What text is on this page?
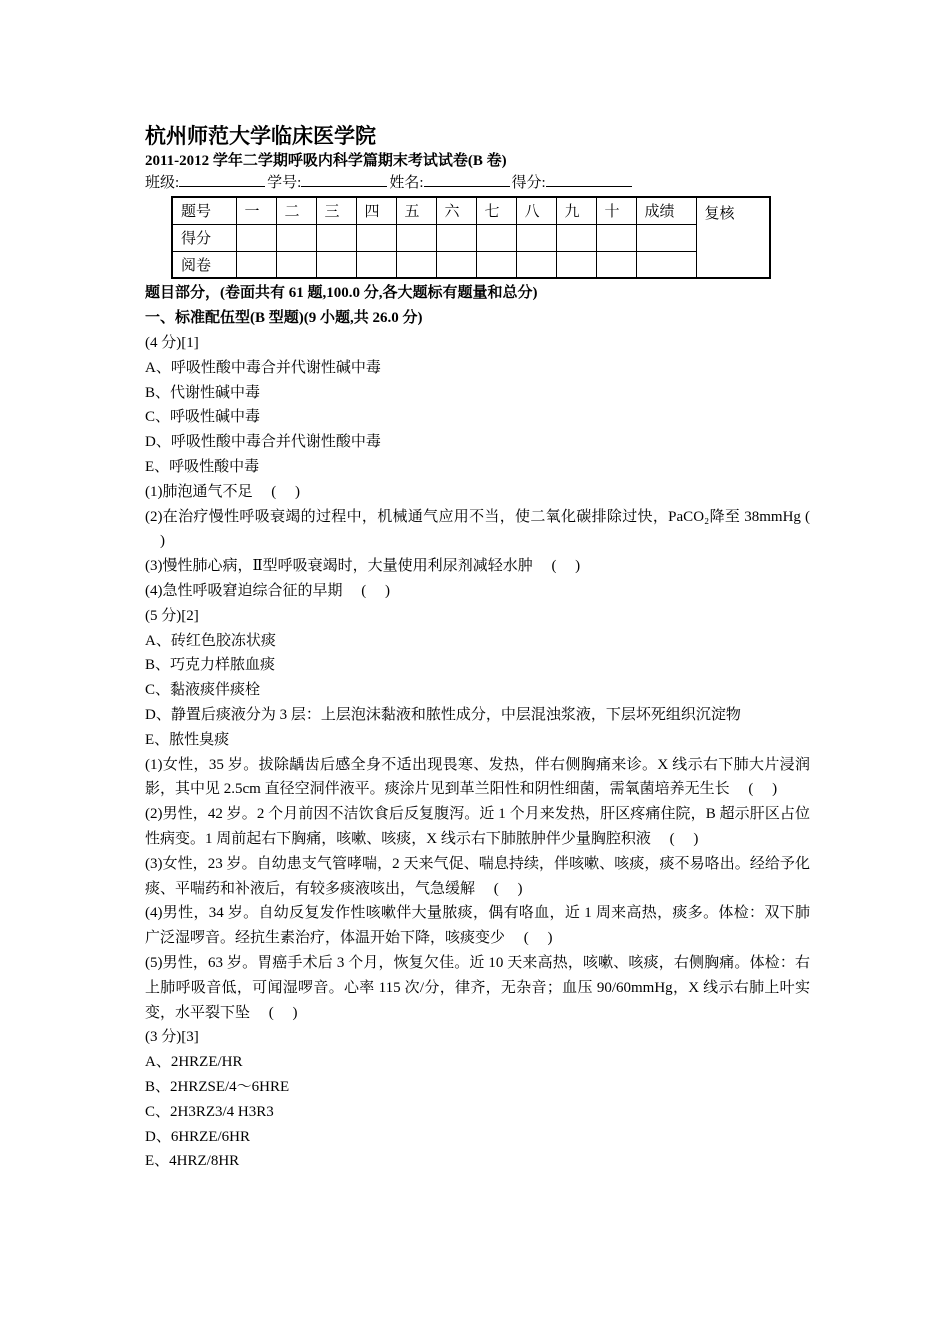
杭州师范大学临床医学院

2011-2012 学年二学期呼吸内科学篇期末考试试卷(B 卷)

班级:	学号:	姓名:	得分:

题号	一	二	三	四	五	六	七	八	九	十	成绩	复核
得分												
阅卷												

题目部分，(卷面共有 61 题,100.0 分,各大题标有题量和总分)

一、标准配伍型(B 型题)(9 小题,共 26.0 分)

(4 分)[1]

A、呼吸性酸中毒合并代谢性碱中毒

B、代谢性碱中毒

C、呼吸性碱中毒

D、呼吸性酸中毒合并代谢性酸中毒

E、呼吸性酸中毒

(1)肺泡通气不足 　( 　)

(2)在治疗慢性呼吸衰竭的过程中，机械通气应用不当，使二氧化碳排除过快，PaCO₂降至 38mmHg ( 　)

(3)慢性肺心病，Ⅱ型呼吸衰竭时，大量使用利尿剂减轻水肿 　( 　)

(4)急性呼吸窘迫综合征的早期 　( 　)

(5 分)[2]

A、砖红色胶冻状痰

B、巧克力样脓血痰

C、黏液痰伴痰栓

D、静置后痰液分为 3 层：上层泡沫黏液和脓性成分，中层混浊浆液，下层坏死组织沉淀物

E、脓性臭痰

(1)女性，35 岁。拔除龋齿后感全身不适出现畏寒、发热，伴右侧胸痛来诊。X 线示右下肺大片浸润影，其中见 2.5cm 直径空洞伴液平。痰涂片见到革兰阳性和阴性细菌，需氧菌培养无生长 　( 　)

(2)男性，42 岁。2 个月前因不洁饮食后反复腹泻。近 1 个月来发热，肝区疼痛住院，B 超示肝区占位性病变。1 周前起右下胸痛，咳嗽、咳痰，X 线示右下肺脓肿伴少量胸腔积液 　( 　)

(3)女性，23 岁。自幼患支气管哮喘，2 天来气促、喘息持续，伴咳嗽、咳痰，痰不易咯出。经给予化痰、平喘药和补液后，有较多痰液咳出，气急缓解 　( 　)

(4)男性，34 岁。自幼反复发作性咳嗽伴大量脓痰，偶有咯血，近 1 周来高热，痰多。体检：双下肺广泛湿啰音。经抗生素治疗，体温开始下降，咳痰变少 　( 　)

(5)男性，63 岁。胃癌手术后 3 个月，恢复欠佳。近 10 天来高热，咳嗽、咳痰，右侧胸痛。体检：右上肺呼吸音低，可闻湿啰音。心率 115 次/分，律齐，无杂音；血压 90/60mmHg，X 线示右肺上叶实变，水平裂下坠 　( 　)

(3 分)[3]

A、2HRZE/HR

B、2HRZSE/4～6HRE

C、2H3RZ3/4 H3R3

D、6HRZE/6HR

E、4HRZ/8HR
